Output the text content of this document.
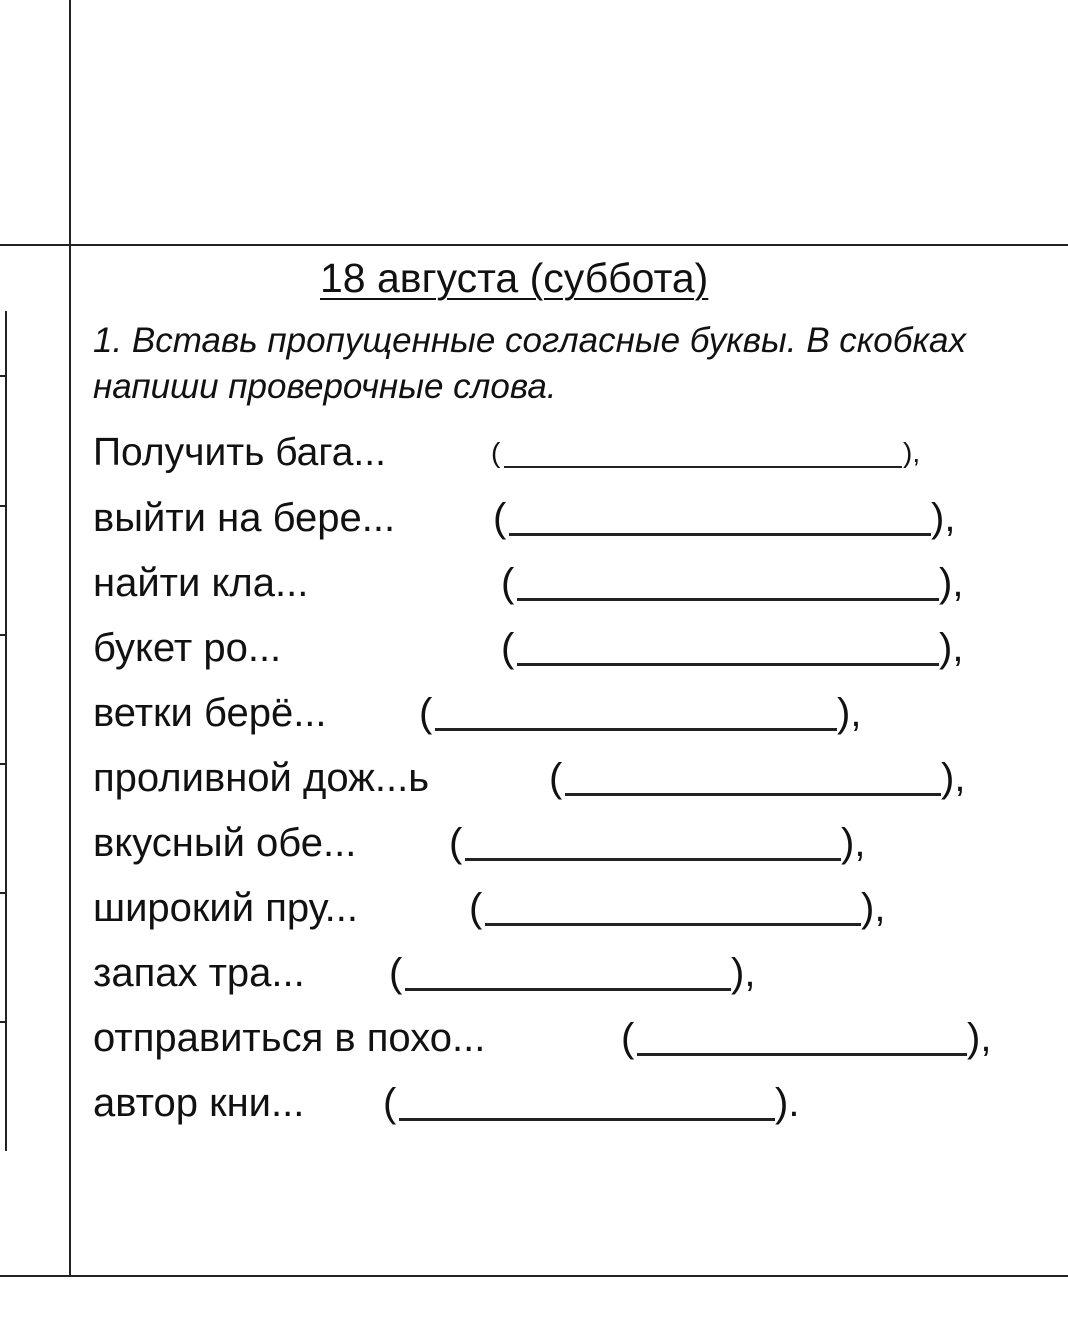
18 августа (суббота)
1. Вставь пропущенные согласные буквы. В скобках напиши проверочные слова.
Получить бага...	(	),
выйти на бере... (	),
найти кла...	(	),
букет ро...	(	),
ветки берё... (	),
проливной дож...ь	(	),
вкусный обе... (	),
широкий пру...	(	),
запах тра... (	),
отправиться в похо...	(	),
автор кни... (	).
